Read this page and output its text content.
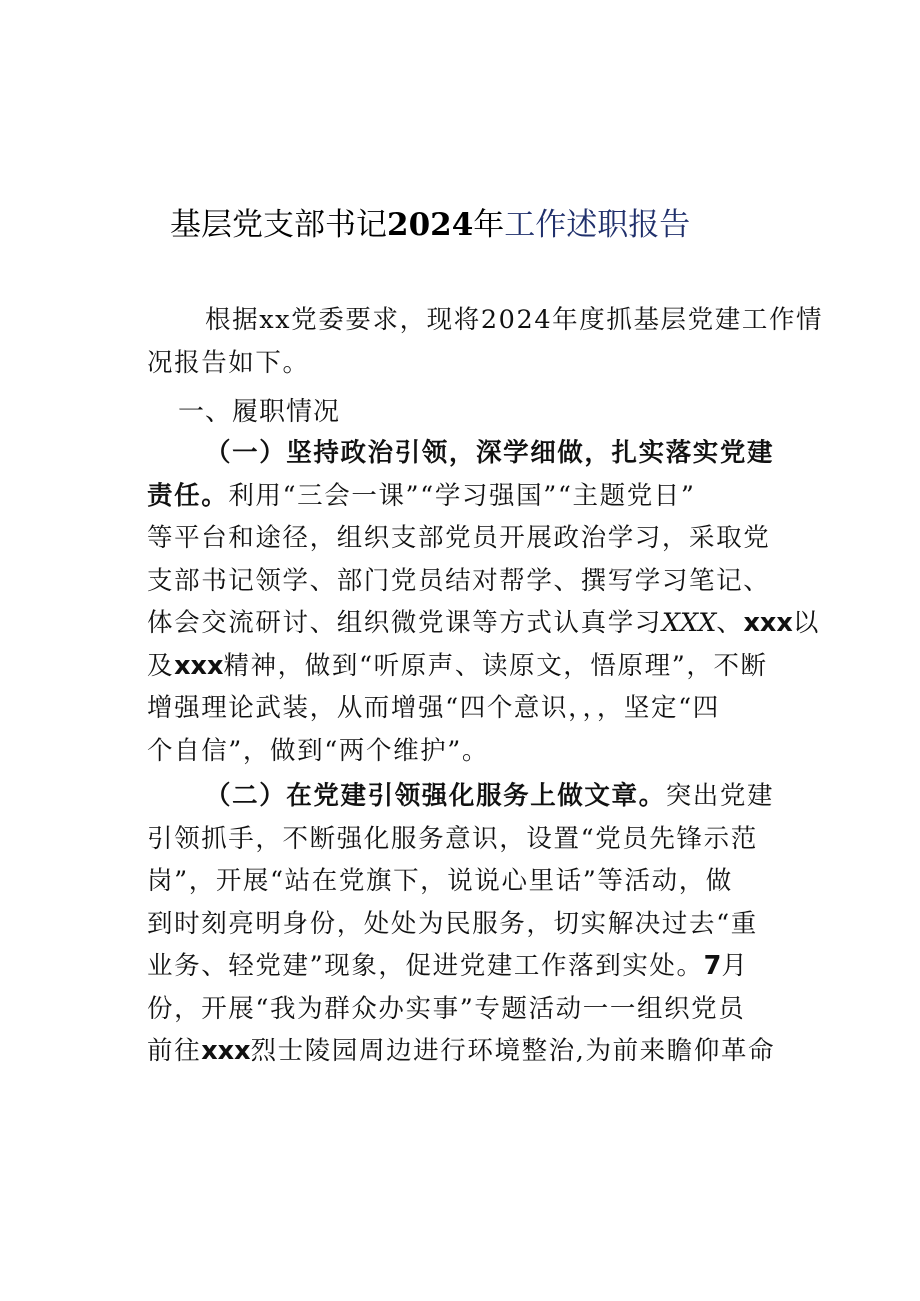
基层党支部书记2024年工作述职报告
根据xx党委要求，现将2024年度抓基层党建工作情
况报告如下。
一、履职情况
（一）坚持政治引领，深学细做，扎实落实党建
责任。利用“三会一课”“学习强国”“主题党日”
等平台和途径，组织支部党员开展政治学习，采取党
支部书记领学、部门党员结对帮学、撰写学习笔记、
体会交流研讨、组织微党课等方式认真学习XXX、xxx以
及xxx精神，做到“听原声、读原文，悟原理”，不断
增强理论武装，从而增强“四个意识，，，坚定“四
个自信”，做到“两个维护”。
（二）在党建引领强化服务上做文章。突出党建
引领抓手，不断强化服务意识，设置“党员先锋示范
岗”，开展“站在党旗下，说说心里话”等活动，做
到时刻亮明身份，处处为民服务，切实解决过去“重
业务、轻党建”现象，促进党建工作落到实处。7月
份，开展“我为群众办实事”专题活动一一组织党员
前往xxx烈士陵园周边进行环境整治,为前来瞻仰革命
